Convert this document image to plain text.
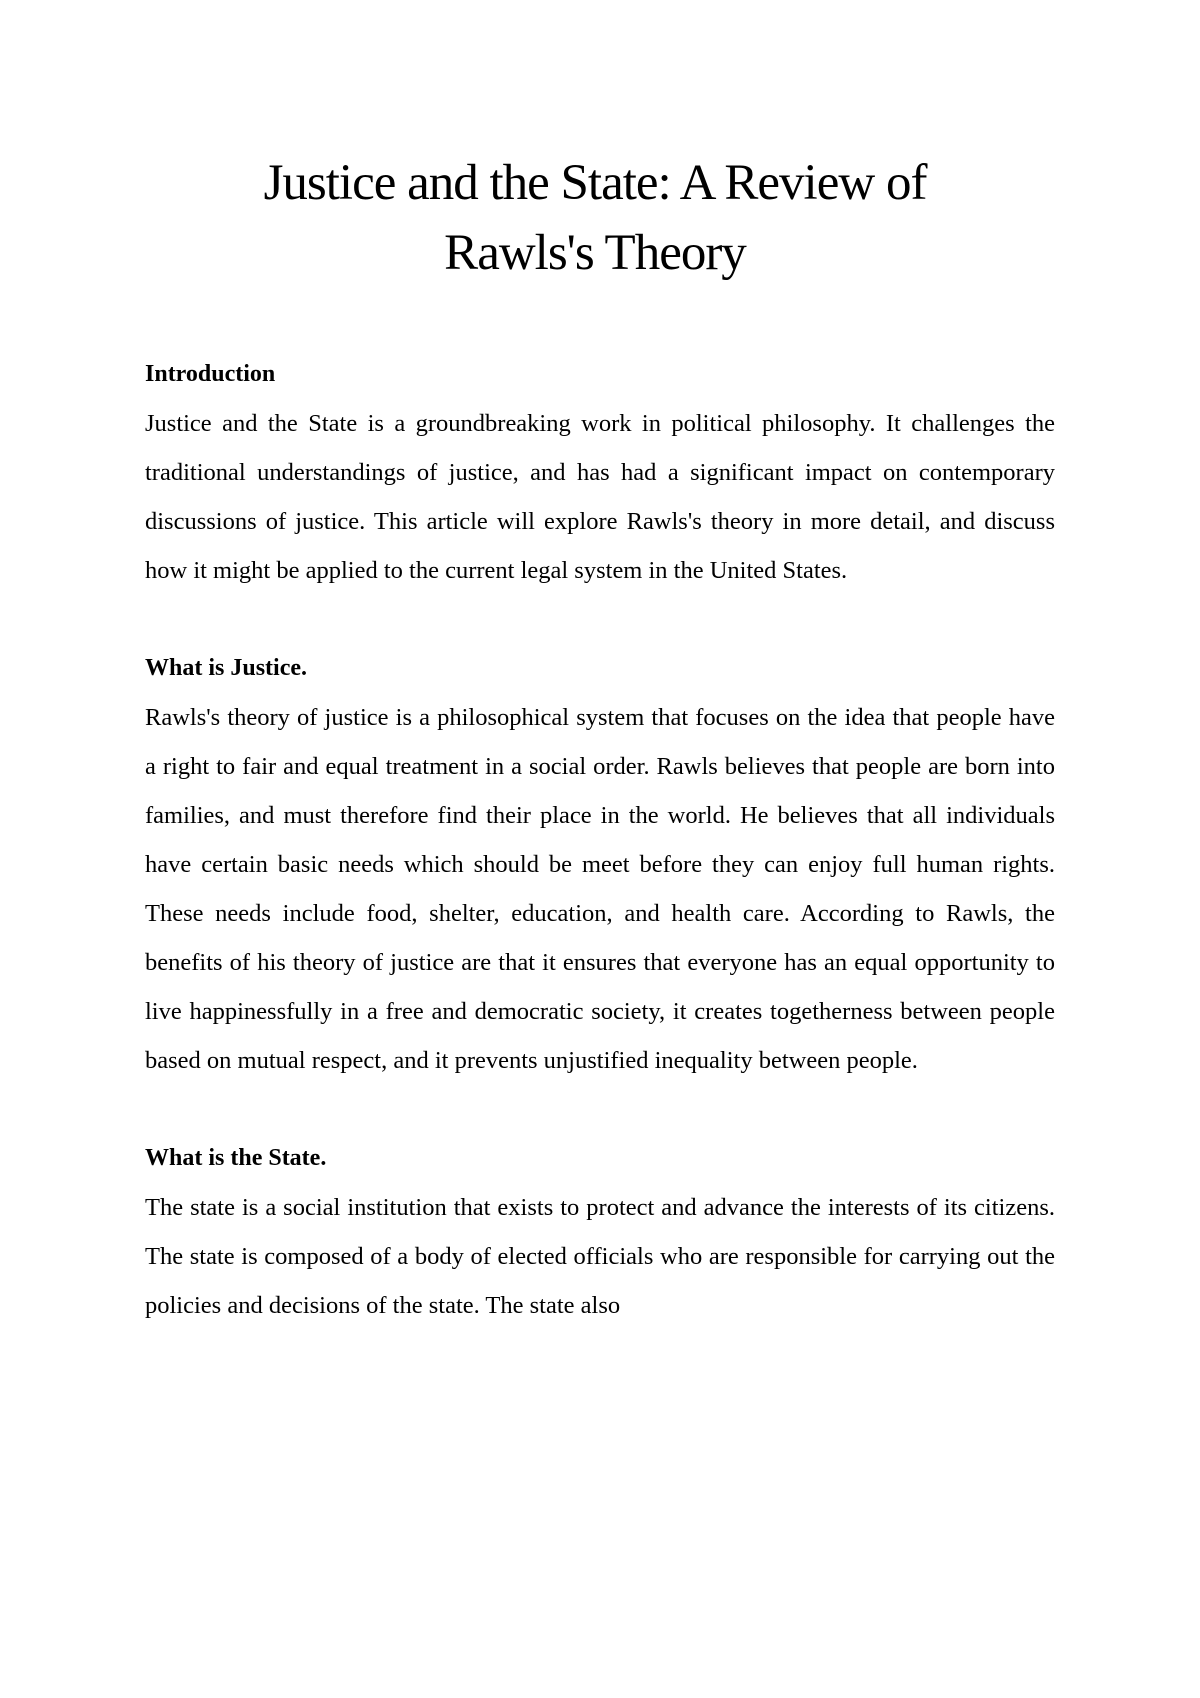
Justice and the State: A Review of
Rawls's Theory

Introduction

Justice and the State is a groundbreaking work in political philosophy. It challenges the traditional understandings of justice, and has had a significant impact on contemporary discussions of justice. This article will explore Rawls's theory in more detail, and discuss how it might be applied to the current legal system in the United States.

What is Justice.

Rawls's theory of justice is a philosophical system that focuses on the idea that people have a right to fair and equal treatment in a social order. Rawls believes that people are born into families, and must therefore find their place in the world. He believes that all individuals have certain basic needs which should be meet before they can enjoy full human rights. These needs include food, shelter, education, and health care. According to Rawls, the benefits of his theory of justice are that it ensures that everyone has an equal opportunity to live happinessfully in a free and democratic society, it creates togetherness between people based on mutual respect, and it prevents unjustified inequality between people.

What is the State.

The state is a social institution that exists to protect and advance the interests of its citizens. The state is composed of a body of elected officials who are responsible for carrying out the policies and decisions of the state. The state also
